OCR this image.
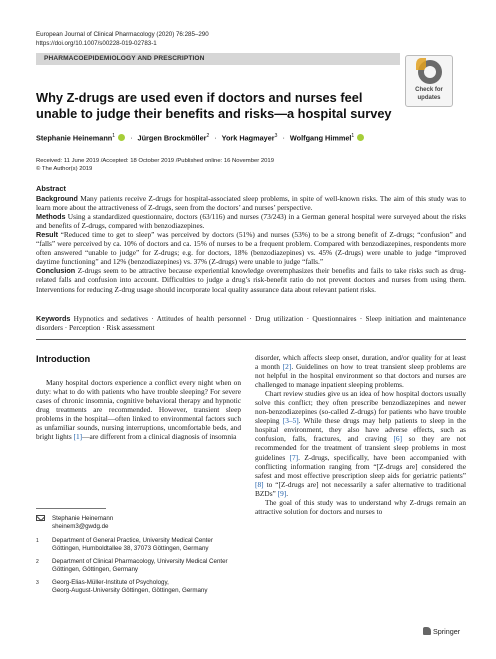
European Journal of Clinical Pharmacology (2020) 76:285–290
https://doi.org/10.1007/s00228-019-02783-1
PHARMACOEPIDEMIOLOGY AND PRESCRIPTION
Check for
updates
Why Z-drugs are used even if doctors and nurses feel unable to judge their benefits and risks—a hospital survey
Stephanie Heinemann$^1$ · Jürgen Brockmöller$^2$ · York Hagmayer$^3$ · Wolfgang Himmel$^1$
Received: 11 June 2019 /Accepted: 18 October 2019 /Published online: 16 November 2019
© The Author(s) 2019
Abstract

Background Many patients receive Z-drugs for hospital-associated sleep problems, in spite of well-known risks. The aim of this study was to learn more about the attractiveness of Z-drugs, seen from the doctors’ and nurses’ perspective.

Methods Using a standardized questionnaire, doctors (63/116) and nurses (73/243) in a German general hospital were surveyed about the risks and benefits of Z-drugs, compared with benzodiazepines.

Result “Reduced time to get to sleep” was perceived by doctors (51%) and nurses (53%) to be a strong benefit of Z-drugs; “confusion” and “falls” were perceived by ca. 10% of doctors and ca. 15% of nurses to be a frequent problem. Compared with benzodiazepines, respondents more often answered “unable to judge” for Z-drugs; e.g. for doctors, 18% (benzodiazepines) vs. 45% (Z-drugs) were unable to judge “improved daytime functioning” and 12% (benzodiazepines) vs. 37% (Z-drugs) were unable to judge “falls.”

Conclusion Z-drugs seem to be attractive because experiential knowledge overemphasizes their benefits and fails to take risks such as drug-related falls and confusion into account. Difficulties to judge a drug’s risk-benefit ratio do not prevent doctors and nurses from using them. Interventions for reducing Z-drug usage should incorporate local quality assurance data about relevant patient risks.

Keywords Hypnotics and sedatives · Attitudes of health personnel · Drug utilization · Questionnaires · Sleep initiation and maintenance disorders · Perception · Risk assessment
Introduction

Many hospital doctors experience a conflict every night when on duty: what to do with patients who have trouble sleeping? For severe cases of chronic insomnia, cognitive behavioral therapy and hypnotic drug treatments are recommended. However, transient sleep problems in the hospital—often linked to environmental factors such as unfamiliar sounds, nursing interruptions, uncomfortable beds, and bright lights [1]—are different from a clinical diagnosis of insomnia

disorder, which affects sleep onset, duration, and/or quality for at least a month [2]. Guidelines on how to treat transient sleep problems are not helpful in the hospital environment so that doctors and nurses are challenged to manage inpatient sleeping problems.

Chart review studies give us an idea of how hospital doctors usually solve this conflict; they often prescribe benzodiazepines and newer non-benzodiazepines (so-called Z-drugs) for patients who have trouble sleeping [3–5]. While these drugs may help patients to sleep in the hospital environment, they also have adverse effects, such as confusion, falls, fractures, and craving [6] so they are not recommended for the treatment of transient sleep problems in most guidelines [7]. Z-drugs, specifically, have been accompanied with conflicting information ranging from “[Z-drugs are] considered the safest and most effective prescription sleep aids for geriatric patients” [8] to “[Z-drugs are] not necessarily a safer alternative to traditional BZDs” [9].

The goal of this study was to understand why Z-drugs remain an attractive solution for doctors and nurses to

Stephanie Heinemann
sheinem3@gwdg.de
1 Department of General Practice, University Medical Center
Göttingen, Humboldtallee 38, 37073 Göttingen, Germany
2 Department of Clinical Pharmacology, University Medical Center
Göttingen, Göttingen, Germany
3 Georg-Elias-Müller-Institute of Psychology,
Georg-August-University Göttingen, Göttingen, Germany
Springer
